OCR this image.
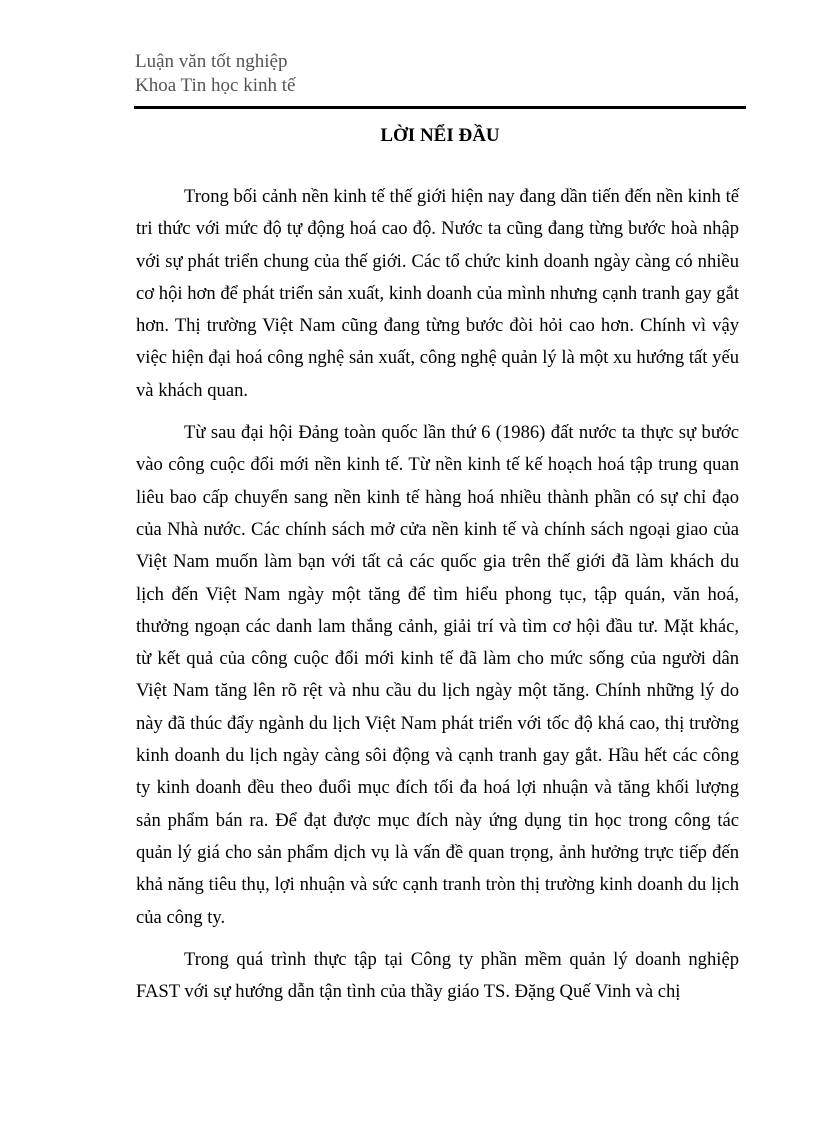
Luận văn tốt nghiệp
Khoa Tin học kinh tế
LỜI NỂI ĐẦU

Trong bối cảnh nền kinh tế thế giới hiện nay đang dần tiến đến nền kinh tế tri thức với mức độ tự động hoá cao độ. Nước ta cũng đang từng bước hoà nhập với sự phát triển chung của thế giới. Các tổ chức kinh doanh ngày càng có nhiều cơ hội hơn để phát triển sản xuất, kinh doanh của mình nhưng cạnh tranh gay gắt hơn. Thị trường Việt Nam cũng đang từng bước đòi hỏi cao hơn. Chính vì vậy việc hiện đại hoá công nghệ sản xuất, công nghệ quản lý là một xu hướng tất yếu và khách quan.

Từ sau đại hội Đảng toàn quốc lần thứ 6 (1986) đất nước ta thực sự bước vào công cuộc đổi mới nền kinh tế. Từ nền kinh tế kế hoạch hoá tập trung quan liêu bao cấp chuyển sang nền kinh tế hàng hoá nhiều thành phần có sự chỉ đạo của Nhà nước. Các chính sách mở cửa nền kinh tế và chính sách ngoại giao của Việt Nam muốn làm bạn với tất cả các quốc gia trên thế giới đã làm khách du lịch đến Việt Nam ngày một tăng để tìm hiểu phong tục, tập quán, văn hoá, thưởng ngoạn các danh lam thắng cảnh, giải trí và tìm cơ hội đầu tư. Mặt khác, từ kết quả của công cuộc đổi mới kinh tế đã làm cho mức sống của người dân Việt Nam tăng lên rõ rệt và nhu cầu du lịch ngày một tăng. Chính những lý do này đã thúc đẩy ngành du lịch Việt Nam phát triển với tốc độ khá cao, thị trường kinh doanh du lịch ngày càng sôi động và cạnh tranh gay gắt. Hầu hết các công ty kinh doanh đều theo đuổi mục đích tối đa hoá lợi nhuận và tăng khối lượng sản phẩm bán ra. Để đạt được mục đích này ứng dụng tin học trong công tác quản lý giá cho sản phẩm dịch vụ là vấn đề quan trọng, ảnh hưởng trực tiếp đến khả năng tiêu thụ, lợi nhuận và sức cạnh tranh tròn thị trường kinh doanh du lịch của công ty.

Trong quá trình thực tập tại Công ty phần mềm quản lý doanh nghiệp FAST với sự hướng dẫn tận tình của thầy giáo TS. Đặng Quế Vinh và chị
